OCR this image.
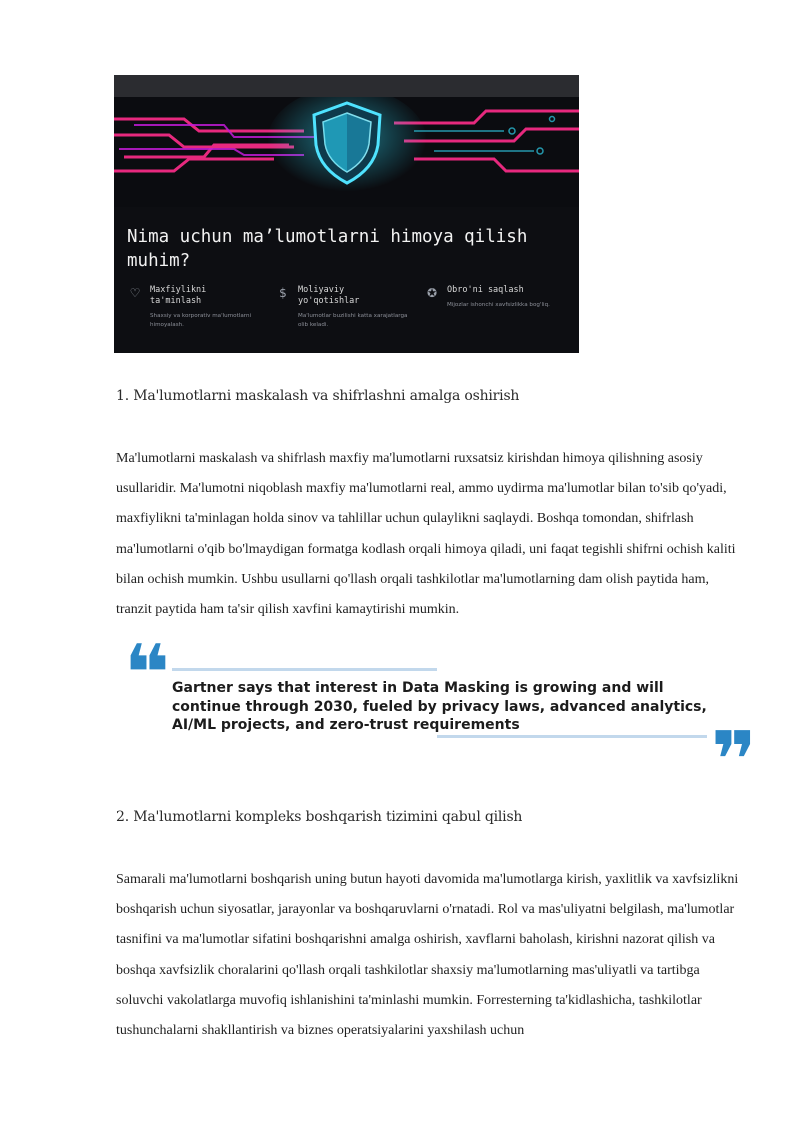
Nima uchun ma’lumotlarni himoya qilish muhim?
♡ Maxfiylikni
ta'minlash
Shaxsiy va korporativ ma'lumotlarni himoyalash.
$	Moliyaviy
yo'qotishlar
Ma'lumotlar buzilishi katta xarajatlarga olib keladi.
✪ Obro'ni saqlash
Mijozlar ishonchi xavfsizlikka bog'liq.
1. Ma'lumotlarni maskalash va shifrlashni amalga oshirish

Ma'lumotlarni maskalash va shifrlash maxfiy ma'lumotlarni ruxsatsiz kirishdan himoya qilishning asosiy usullaridir. Ma'lumotni niqoblash maxfiy ma'lumotlarni real, ammo uydirma ma'lumotlar bilan to'sib qo'yadi, maxfiylikni ta'minlagan holda sinov va tahlillar uchun qulaylikni saqlaydi. Boshqa tomondan, shifrlash ma'lumotlarni o'qib bo'lmaydigan formatga kodlash orqali himoya qiladi, uni faqat tegishli shifrni ochish kaliti bilan ochish mumkin. Ushbu usullarni qo'llash orqali tashkilotlar ma'lumotlarning dam olish paytida ham, tranzit paytida ham ta'sir qilish xavfini kamaytirishi mumkin.

❝ Gartner says that interest in Data Masking is growing and will continue through 2030, fueled by privacy laws, advanced analytics, AI/ML projects, and zero-trust requirements	❞
2. Ma'lumotlarni kompleks boshqarish tizimini qabul qilish

Samarali ma'lumotlarni boshqarish uning butun hayoti davomida ma'lumotlarga kirish, yaxlitlik va xavfsizlikni boshqarish uchun siyosatlar, jarayonlar va boshqaruvlarni o'rnatadi. Rol va mas'uliyatni belgilash, ma'lumotlar tasnifini va ma'lumotlar sifatini boshqarishni amalga oshirish, xavflarni baholash, kirishni nazorat qilish va boshqa xavfsizlik choralarini qo'llash orqali tashkilotlar shaxsiy ma'lumotlarning mas'uliyatli va tartibga soluvchi vakolatlarga muvofiq ishlanishini ta'minlashi mumkin. Forresterning ta'kidlashicha, tashkilotlar tushunchalarni shakllantirish va biznes operatsiyalarini yaxshilash uchun
